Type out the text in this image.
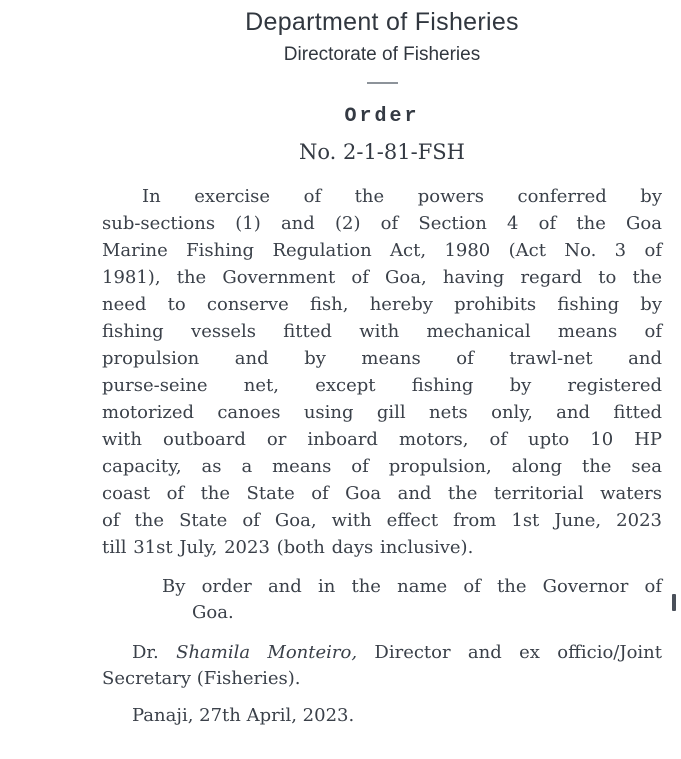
Department of Fisheries
Directorate of Fisheries
Order
No. 2-1-81-FSH
In exercise of the powers conferred by
sub-sections (1) and (2) of Section 4 of the Goa
Marine Fishing Regulation Act, 1980 (Act No. 3 of
1981), the Government of Goa, having regard to the
need to conserve fish, hereby prohibits fishing by
fishing vessels fitted with mechanical means of
propulsion and by means of trawl-net and
purse-seine net, except fishing by registered
motorized canoes using gill nets only, and fitted
with outboard or inboard motors, of upto 10 HP
capacity, as a means of propulsion, along the sea
coast of the State of Goa and the territorial waters
of the State of Goa, with effect from 1st June, 2023
till 31st July, 2023 (both days inclusive).
By order and in the name of the Governor of
Goa.

Dr. Shamila Monteiro, Director and ex officio/Joint Secretary (Fisheries).

Panaji, 27th April, 2023.
